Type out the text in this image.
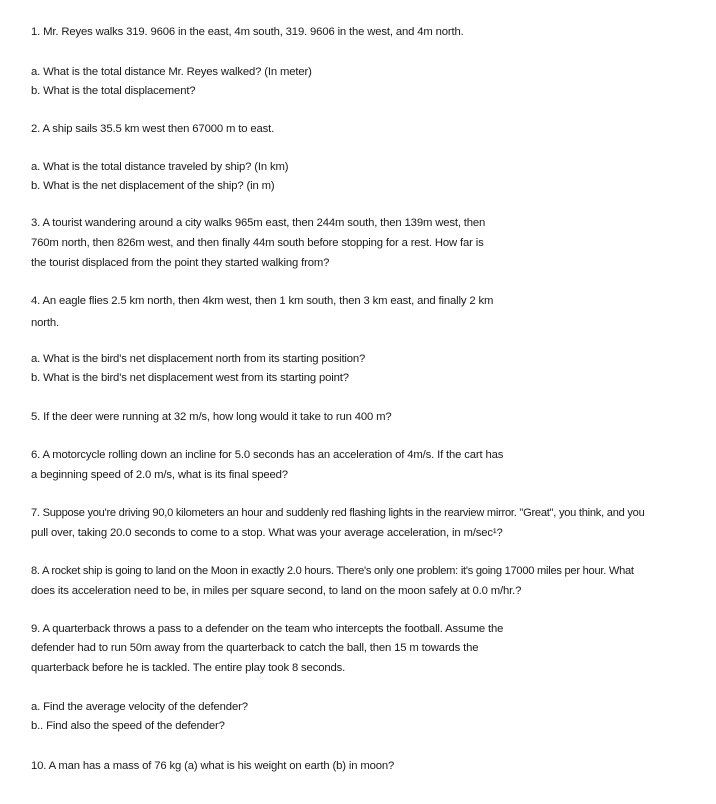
1. Mr. Reyes walks 319. 9606 in the east, 4m south, 319. 9606 in the west, and 4m north.
a. What is the total distance Mr. Reyes walked? (In meter)
b. What is the total displacement?
2. A ship sails 35.5 km west then 67000 m to east.
a. What is the total distance traveled by ship? (In km)
b. What is the net displacement of the ship? (in m)
3. A tourist wandering around a city walks 965m east, then 244m south, then 139m west, then
760m north, then 826m west, and then finally 44m south before stopping for a rest. How far is
the tourist displaced from the point they started walking from?
4. An eagle flies 2.5 km north, then 4km west, then 1 km south, then 3 km east, and finally 2 km
north.
a. What is the bird's net displacement north from its starting position?
b. What is the bird's net displacement west from its starting point?
5. If the deer were running at 32 m/s, how long would it take to run 400 m?
6. A motorcycle rolling down an incline for 5.0 seconds has an acceleration of 4m/s. If the cart has
a beginning speed of 2.0 m/s, what is its final speed?
7. Suppose you're driving 90,0 kilometers an hour and suddenly red flashing lights in the rearview mirror. "Great", you think, and you
pull over, taking 20.0 seconds to come to a stop. What was your average acceleration, in m/sec¹?
8. A rocket ship is going to land on the Moon in exactly 2.0 hours. There's only one problem: it's going 17000 miles per hour. What
does its acceleration need to be, in miles per square second, to land on the moon safely at 0.0 m/hr.?
9. A quarterback throws a pass to a defender on the team who intercepts the football. Assume the
defender had to run 50m away from the quarterback to catch the ball, then 15 m towards the
quarterback before he is tackled. The entire play took 8 seconds.
a. Find the average velocity of the defender?
b.. Find also the speed of the defender?
10. A man has a mass of 76 kg (a) what is his weight on earth (b) in moon?
